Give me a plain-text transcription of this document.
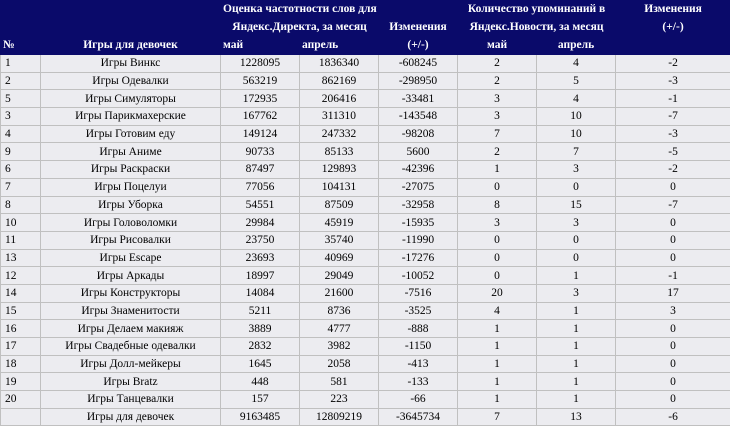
		Оценка частотности слов для			Количество упоминаний в		Изменения
		Яндекс.Директа, за месяц		Изменения	Яндекс.Новости, за месяц		(+/-)
№	Игры для девочек	май	апрель	(+/-)	май	апрель	
1	Игры Винкс	1228095	1836340	-608245	2	4	-2
2	Игры Одевалки	563219	862169	-298950	2	5	-3
5	Игры Симуляторы	172935	206416	-33481	3	4	-1
3	Игры Парикмахерские	167762	311310	-143548	3	10	-7
4	Игры Готовим еду	149124	247332	-98208	7	10	-3
9	Игры Аниме	90733	85133	5600	2	7	-5
6	Игры Раскраски	87497	129893	-42396	1	3	-2
7	Игры Поцелуи	77056	104131	-27075	0	0	0
8	Игры Уборка	54551	87509	-32958	8	15	-7
10	Игры Головоломки	29984	45919	-15935	3	3	0
11	Игры Рисовалки	23750	35740	-11990	0	0	0
13	Игры Escape	23693	40969	-17276	0	0	0
12	Игры Аркады	18997	29049	-10052	0	1	-1
14	Игры Конструкторы	14084	21600	-7516	20	3	17
15	Игры Знаменитости	5211	8736	-3525	4	1	3
16	Игры Делаем макияж	3889	4777	-888	1	1	0
17	Игры Свадебные одевалки	2832	3982	-1150	1	1	0
18	Игры Долл-мейкеры	1645	2058	-413	1	1	0
19	Игры Bratz	448	581	-133	1	1	0
20	Игры Танцевалки	157	223	-66	1	1	0
	Игры для девочек	9163485	12809219	-3645734	7	13	-6
